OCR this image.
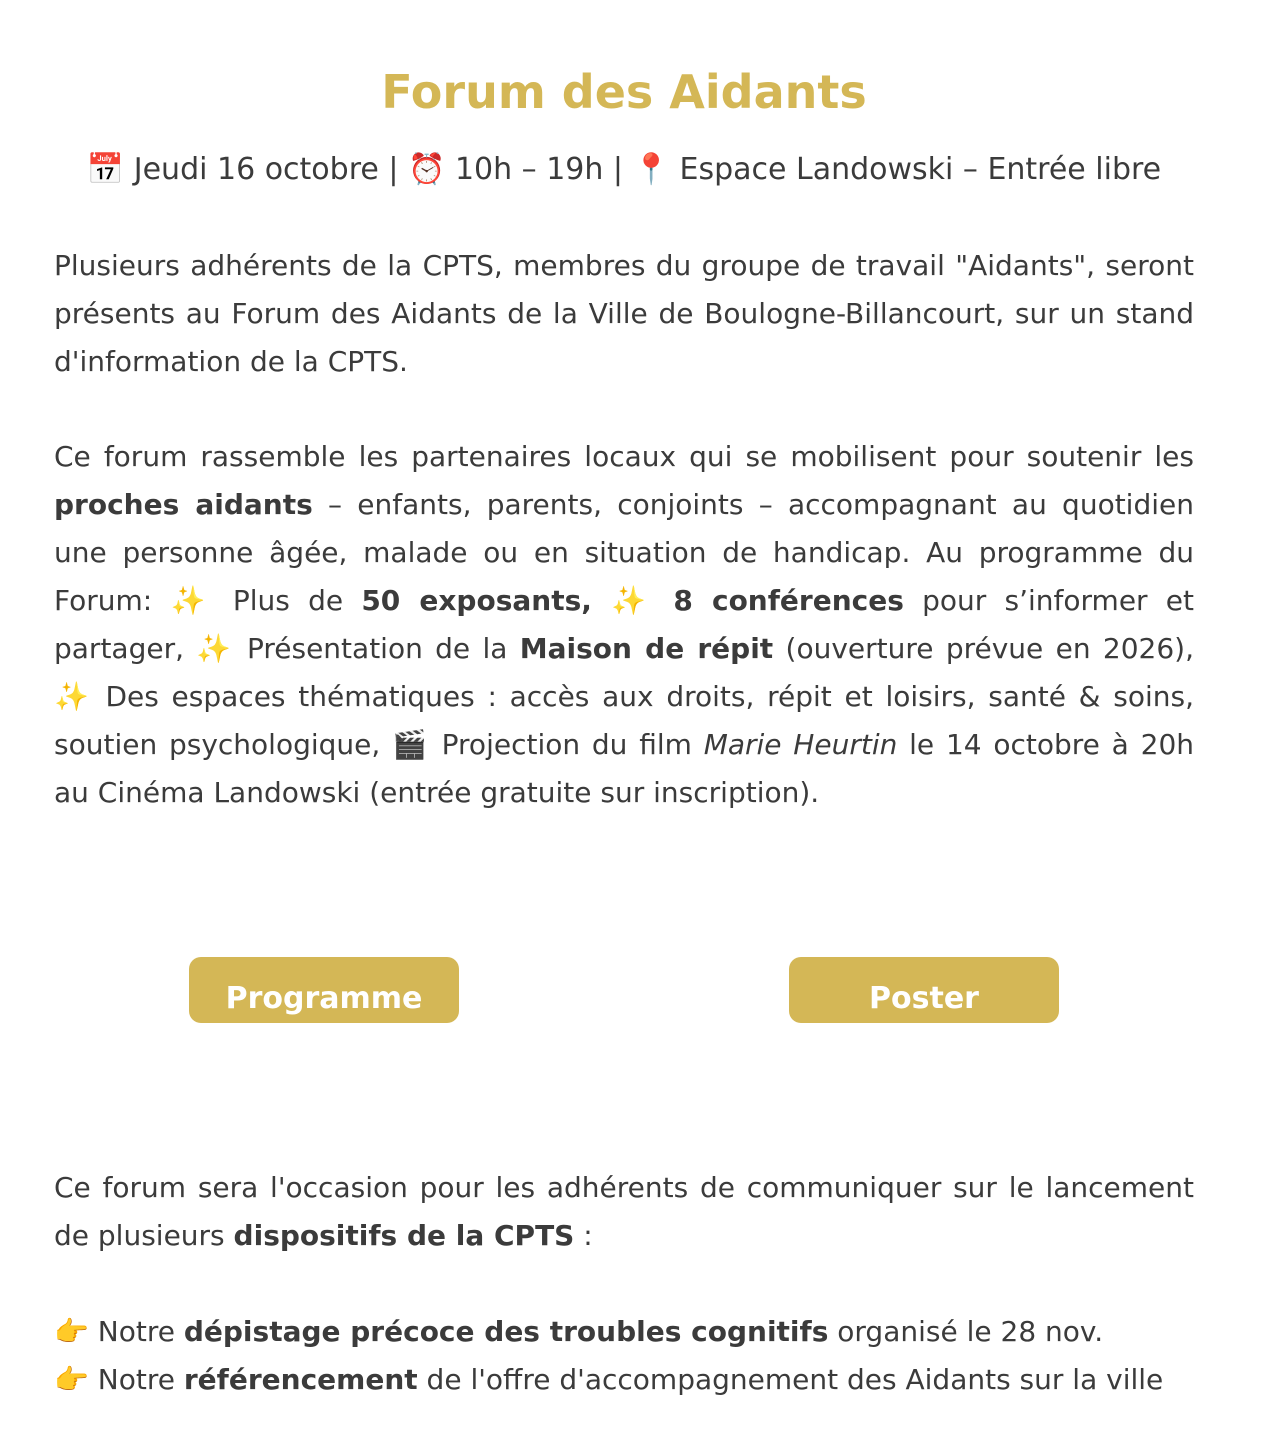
Forum des Aidants
📅 Jeudi 16 octobre | ⏰ 10h – 19h | 📍 Espace Landowski – Entrée libre

Plusieurs adhérents de la CPTS, membres du groupe de travail "Aidants", seront présents au Forum des Aidants de la Ville de Boulogne-Billancourt, sur un stand d'information de la CPTS.

Ce forum rassemble les partenaires locaux qui se mobilisent pour soutenir les proches aidants – enfants, parents, conjoints – accompagnant au quotidien une personne âgée, malade ou en situation de handicap. Au programme du Forum: ✨ Plus de 50 exposants, ✨ 8 conférences pour s’informer et partager, ✨ Présentation de la Maison de répit (ouverture prévue en 2026), ✨ Des espaces thématiques : accès aux droits, répit et loisirs, santé & soins, soutien psychologique, 🎬 Projection du film Marie Heurtin le 14 octobre à 20h au Cinéma Landowski (entrée gratuite sur inscription).

Programme	Poster

Ce forum sera l'occasion pour les adhérents de communiquer sur le lancement de plusieurs dispositifs de la CPTS :

👉 Notre dépistage précoce des troubles cognitifs organisé le 28 nov.
👉 Notre référencement de l'offre d'accompagnement des Aidants sur la ville
